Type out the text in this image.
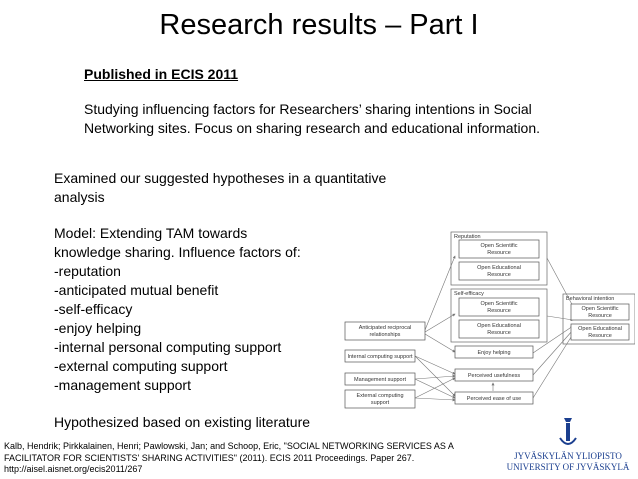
Research results – Part I
Published in ECIS 2011
Studying influencing factors for Researchers’ sharing intentions in Social Networking sites. Focus on sharing research and educational information.
Examined our suggested hypotheses in a quantitative analysis
Model: Extending TAM towards
knowledge sharing. Influence factors of:
-reputation
-anticipated mutual benefit
-self-efficacy
-enjoy helping
-internal personal computing support
-external computing support
-management support
Hypothesized based on existing literature
Kalb, Hendrik; Pirkkalainen, Henri; Pawlowski, Jan; and Schoop, Eric, "SOCIAL NETWORKING SERVICES AS A
FACILITATOR FOR SCIENTISTS' SHARING ACTIVITIES" (2011). ECIS 2011 Proceedings. Paper 267.
http://aisel.aisnet.org/ecis2011/267
Reputation
Self-efficacy
Behavioral intention
Open Scientific
Resource
Open Educational
Resource
Open Scientific
Resource
Open Educational
Resource
Enjoy helping
Perceived usefulness
Perceived ease of use
Anticipated reciprocal
relationships
Internal computing support
Management support
External computing
support
Open Scientific
Resource
Open Educational
Resource
JYVÄSKYLÄN YLIOPISTO
UNIVERSITY OF JYVÄSKYLÄ
